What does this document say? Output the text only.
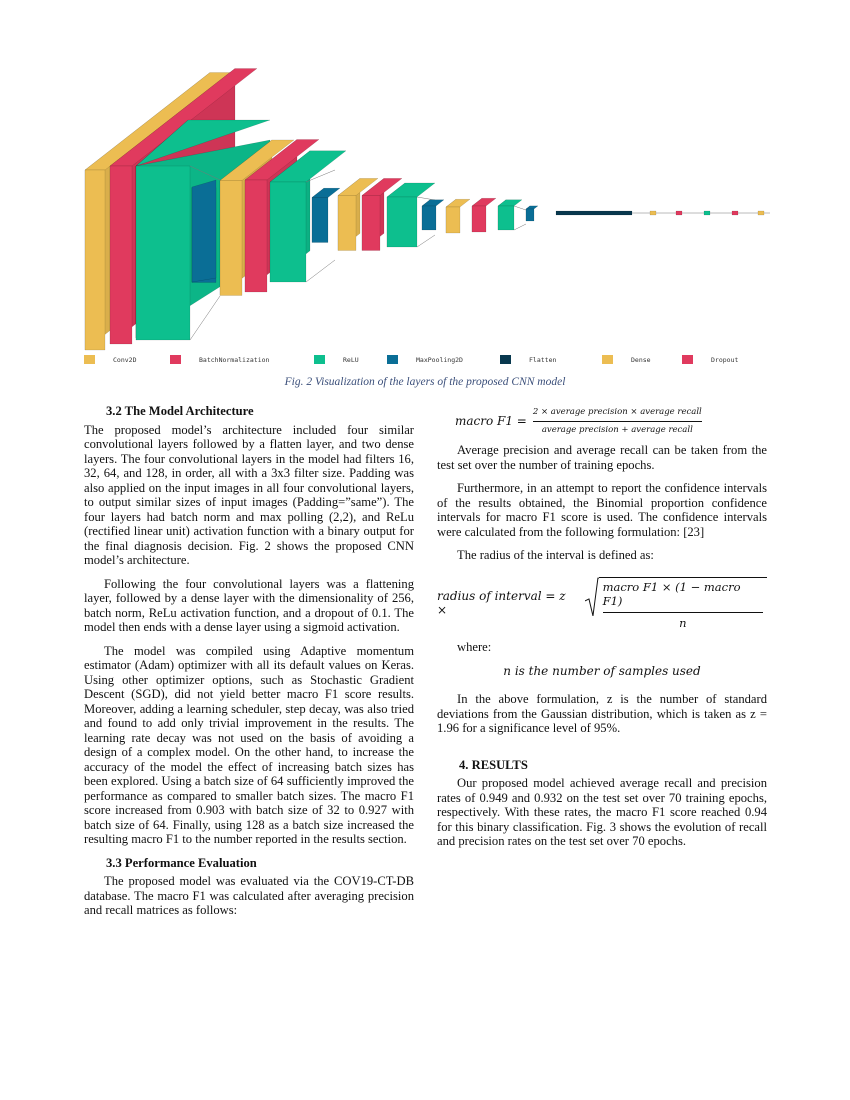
Conv2D	BatchNormalization	ReLU	MaxPooling2D	Flatten	Dense	Dropout
Fig. 2 Visualization of the layers of the proposed CNN model
3.2 The Model Architecture

The proposed model’s architecture included four similar convolutional layers followed by a flatten layer, and two dense layers. The four convolutional layers in the model had filters 16, 32, 64, and 128, in order, all with a 3x3 filter size. Padding was also applied on the input images in all four convolutional layers, to output similar sizes of input images (Padding=”same”). The four layers had batch norm and max polling (2,2), and ReLu (rectified linear unit) activation function with a binary output for the final diagnosis decision. Fig. 2 shows the proposed CNN model’s architecture.

Following the four convolutional layers was a flattening layer, followed by a dense layer with the dimensionality of 256, batch norm, ReLu activation function, and a dropout of 0.1. The model then ends with a dense layer using a sigmoid activation.

The model was compiled using Adaptive momentum estimator (Adam) optimizer with all its default values on Keras. Using other optimizer options, such as Stochastic Gradient Descent (SGD), did not yield better macro F1 score results. Moreover, adding a learning scheduler, step decay, was also tried and found to add only trivial improvement in the results. The learning rate decay was not used on the basis of avoiding a design of a complex model. On the other hand, to increase the accuracy of the model the effect of increasing batch sizes has been explored. Using a batch size of 64 sufficiently improved the performance as compared to smaller batch sizes. The macro F1 score increased from 0.903 with batch size of 32 to 0.927 with batch size of 64. Finally, using 128 as a batch size increased the resulting macro F1 to the number reported in the results section.

3.3 Performance Evaluation

The proposed model was evaluated via the COV19-CT-DB database. The macro F1 was calculated after averaging precision and recall matrices as follows:

macro $F1 = \frac{\text{2 × average precision × average recall}}{\text{average precision + average recall}}$

Average precision and average recall can be taken from the test set over the number of training epochs.

Furthermore, in an attempt to report the confidence intervals of the results obtained, the Binomial proportion confidence intervals for macro F1 score is used. The confidence intervals were calculated from the following formulation: [23]

The radius of the interval is defined as:

radius of interval = z ×
macro F1 × (1 − macro F1)
n

where:

n is the number of samples used

In the above formulation, z is the number of standard deviations from the Gaussian distribution, which is taken as z = 1.96 for a significance level of 95%.

4. RESULTS

Our proposed model achieved average recall and precision rates of 0.949 and 0.932 on the test set over 70 training epochs, respectively. With these rates, the macro F1 score reached 0.94 for this binary classification. Fig. 3 shows the evolution of recall and precision rates on the test set over 70 epochs.
